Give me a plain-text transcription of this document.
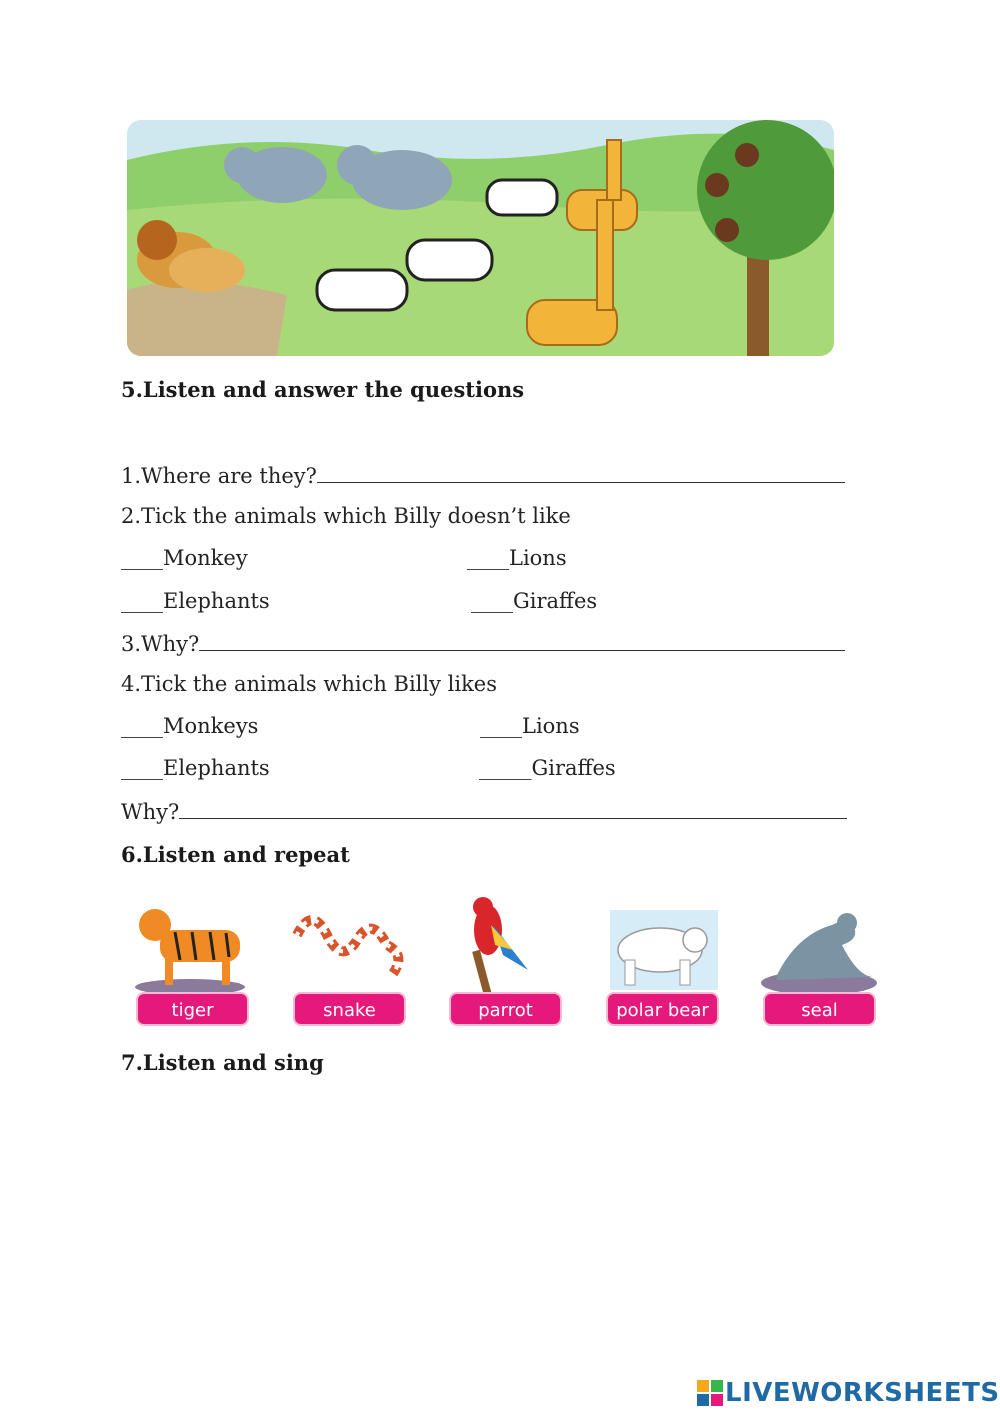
5.Listen and answer the questions
1.Where are they?
2.Tick the animals which Billy doesn’t like
____Monkey	____Lions
____Elephants	____Giraffes
3.Why?
4.Tick the animals which Billy likes
____Monkeys	____Lions
____Elephants	_____Giraffes
Why?
6.Listen and repeat
tiger	snake	parrot	polar bear	seal
7.Listen and sing
LIVEWORKSHEETS
